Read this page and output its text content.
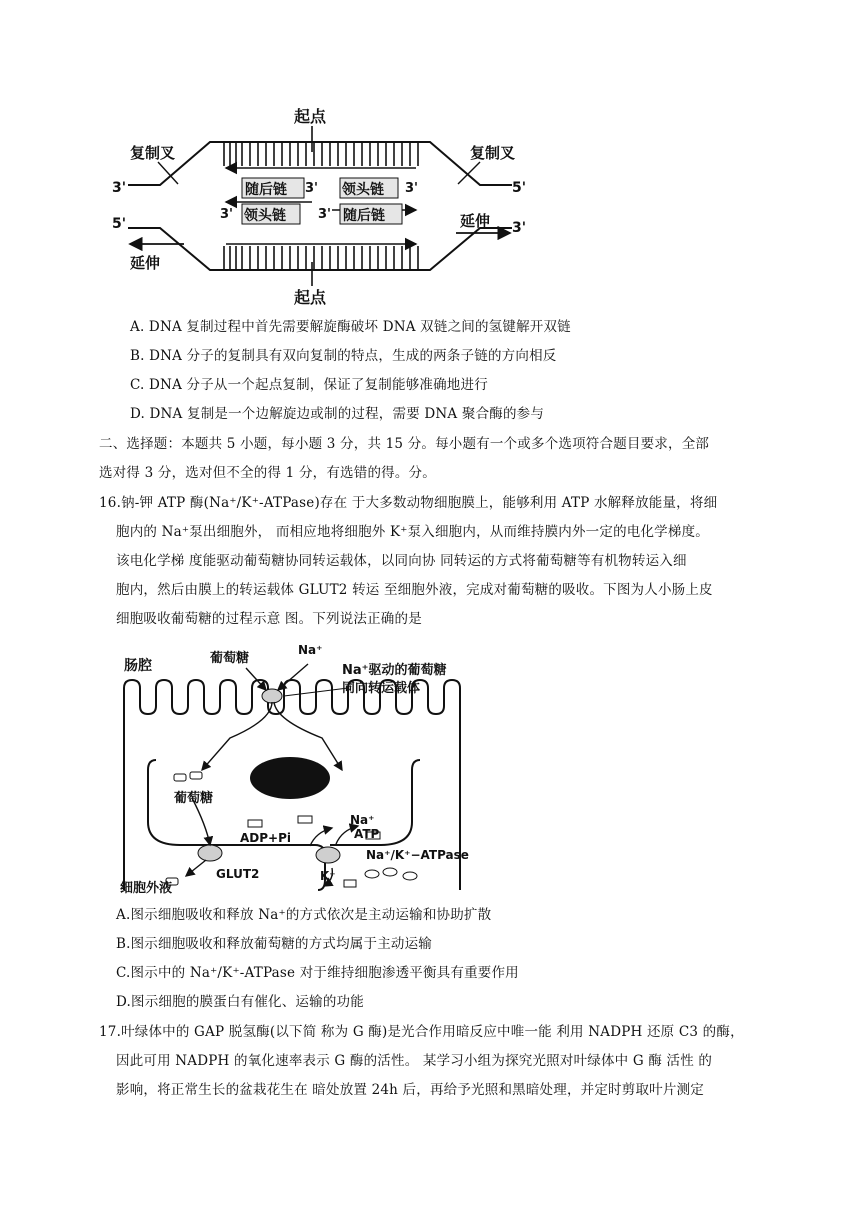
起点
起点
复制叉	复制叉
随后链	领头链
领头链	随后链
延伸
延伸
3'
5'
5'
3'
3'	3'
3'	3'
A. DNA 复制过程中首先需要解旋酶破坏 DNA 双链之间的氢键解开双链
B. DNA 分子的复制具有双向复制的特点，生成的两条子链的方向相反
C. DNA 分子从一个起点复制，保证了复制能够准确地进行
D. DNA 复制是一个边解旋边或制的过程，需要 DNA 聚合酶的参与
二、选择题：本题共 5 小题，每小题 3 分，共 15 分。每小题有一个或多个选项符合题目要求，全部
选对得 3 分，选对但不全的得 1 分，有选错的得。分。
16.钠-钾 ATP 酶(Na⁺/K⁺-ATPase)存在 于大多数动物细胞膜上，能够利用 ATP 水解释放能量，将细
胞内的 Na⁺泵出细胞外， 而相应地将细胞外 K⁺泵入细胞内，从而维持膜内外一定的电化学梯度。
该电化学梯 度能驱动葡萄糖协同转运载体，以同向协 同转运的方式将葡萄糖等有机物转运入细
胞内，然后由膜上的转运载体 GLUT2 转运 至细胞外液，完成对葡萄糖的吸收。下图为人小肠上皮
细胞吸收葡萄糖的过程示意 图。下列说法正确的是
肠腔	葡萄糖
Na⁺
Na⁺驱动的葡萄糖
同向转运载体
葡萄糖
ADP+Pi
Na⁺
ATP
Na⁺/K⁺−ATPase
GLUT2	K⁺
细胞外液
A.图示细胞吸收和释放 Na⁺的方式依次是主动运输和协助扩散
B.图示细胞吸收和释放葡萄糖的方式均属于主动运输
C.图示中的 Na⁺/K⁺-ATPase 对于维持细胞渗透平衡具有重要作用
D.图示细胞的膜蛋白有催化、运输的功能
17.叶绿体中的 GAP 脱氢酶(以下简 称为 G 酶)是光合作用暗反应中唯一能 利用 NADPH 还原 C3 的酶，
因此可用 NADPH 的氧化速率表示 G 酶的活性。 某学习小组为探究光照对叶绿体中 G 酶 活性 的
影响，将正常生长的盆栽花生在 暗处放置 24h 后，再给予光照和黑暗处理，并定时剪取叶片测定
